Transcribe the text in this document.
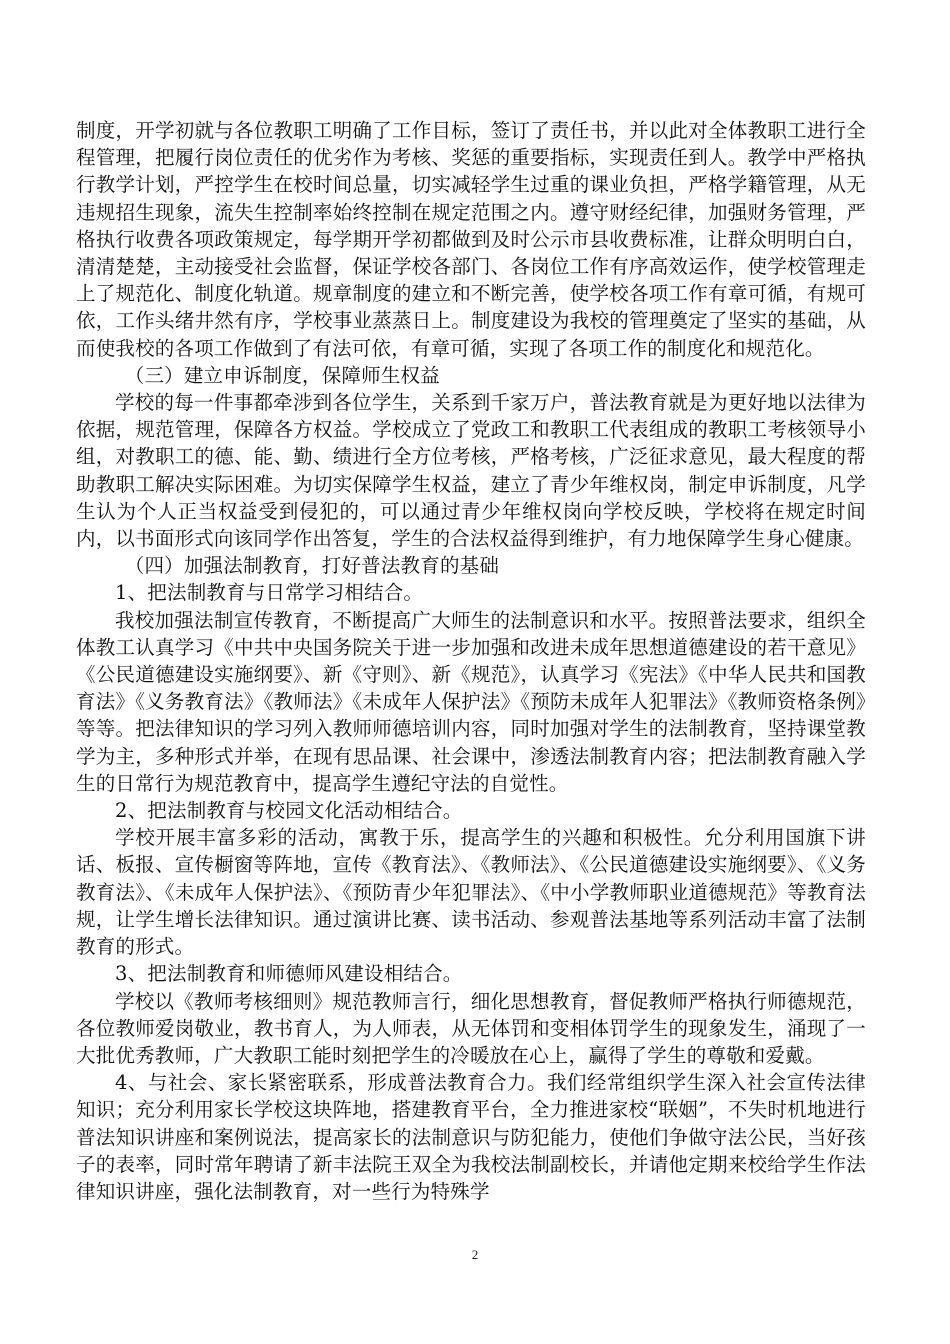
制度，开学初就与各位教职工明确了工作目标，签订了责任书，并以此对全体教职工进行全程管理，把履行岗位责任的优劣作为考核、奖惩的重要指标，实现责任到人。教学中严格执行教学计划，严控学生在校时间总量，切实减轻学生过重的课业负担，严格学籍管理，从无违规招生现象，流失生控制率始终控制在规定范围之内。遵守财经纪律，加强财务管理，严格执行收费各项政策规定，每学期开学初都做到及时公示市县收费标准，让群众明明白白，清清楚楚，主动接受社会监督，保证学校各部门、各岗位工作有序高效运作，使学校管理走上了规范化、制度化轨道。规章制度的建立和不断完善，使学校各项工作有章可循，有规可依，工作头绪井然有序，学校事业蒸蒸日上。制度建设为我校的管理奠定了坚实的基础，从而使我校的各项工作做到了有法可依，有章可循，实现了各项工作的制度化和规范化。

（三）建立申诉制度，保障师生权益

学校的每一件事都牵涉到各位学生，关系到千家万户，普法教育就是为更好地以法律为依据，规范管理，保障各方权益。学校成立了党政工和教职工代表组成的教职工考核领导小组，对教职工的德、能、勤、绩进行全方位考核，严格考核，广泛征求意见，最大程度的帮助教职工解决实际困难。为切实保障学生权益，建立了青少年维权岗，制定申诉制度，凡学生认为个人正当权益受到侵犯的，可以通过青少年维权岗向学校反映，学校将在规定时间内，以书面形式向该同学作出答复，学生的合法权益得到维护，有力地保障学生身心健康。

（四）加强法制教育，打好普法教育的基础

1、把法制教育与日常学习相结合。

我校加强法制宣传教育，不断提高广大师生的法制意识和水平。按照普法要求，组织全体教工认真学习《中共中央国务院关于进一步加强和改进未成年思想道德建设的若干意见》《公民道德建设实施纲要》、新《守则》、新《规范》，认真学习《宪法》《中华人民共和国教育法》《义务教育法》《教师法》《未成年人保护法》《预防未成年人犯罪法》《教师资格条例》等等。把法律知识的学习列入教师师德培训内容，同时加强对学生的法制教育，坚持课堂教学为主，多种形式并举，在现有思品课、社会课中，渗透法制教育内容；把法制教育融入学生的日常行为规范教育中，提高学生遵纪守法的自觉性。

2、把法制教育与校园文化活动相结合。

学校开展丰富多彩的活动，寓教于乐，提高学生的兴趣和积极性。允分利用国旗下讲话、板报、宣传橱窗等阵地，宣传《教育法》、《教师法》、《公民道德建设实施纲要》、《义务教育法》、《未成年人保护法》、《预防青少年犯罪法》、《中小学教师职业道德规范》等教育法规，让学生增长法律知识。通过演讲比赛、读书活动、参观普法基地等系列活动丰富了法制教育的形式。

3、把法制教育和师德师风建设相结合。

学校以《教师考核细则》规范教师言行，细化思想教育，督促教师严格执行师德规范，各位教师爱岗敬业，教书育人，为人师表，从无体罚和变相体罚学生的现象发生，涌现了一大批优秀教师，广大教职工能时刻把学生的冷暖放在心上，赢得了学生的尊敬和爱戴。

4、与社会、家长紧密联系，形成普法教育合力。我们经常组织学生深入社会宣传法律知识；充分利用家长学校这块阵地，搭建教育平台，全力推进家校“联姻”，不失时机地进行普法知识讲座和案例说法，提高家长的法制意识与防犯能力，使他们争做守法公民，当好孩子的表率，同时常年聘请了新丰法院王双全为我校法制副校长，并请他定期来校给学生作法律知识讲座，强化法制教育，对一些行为特殊学

2
